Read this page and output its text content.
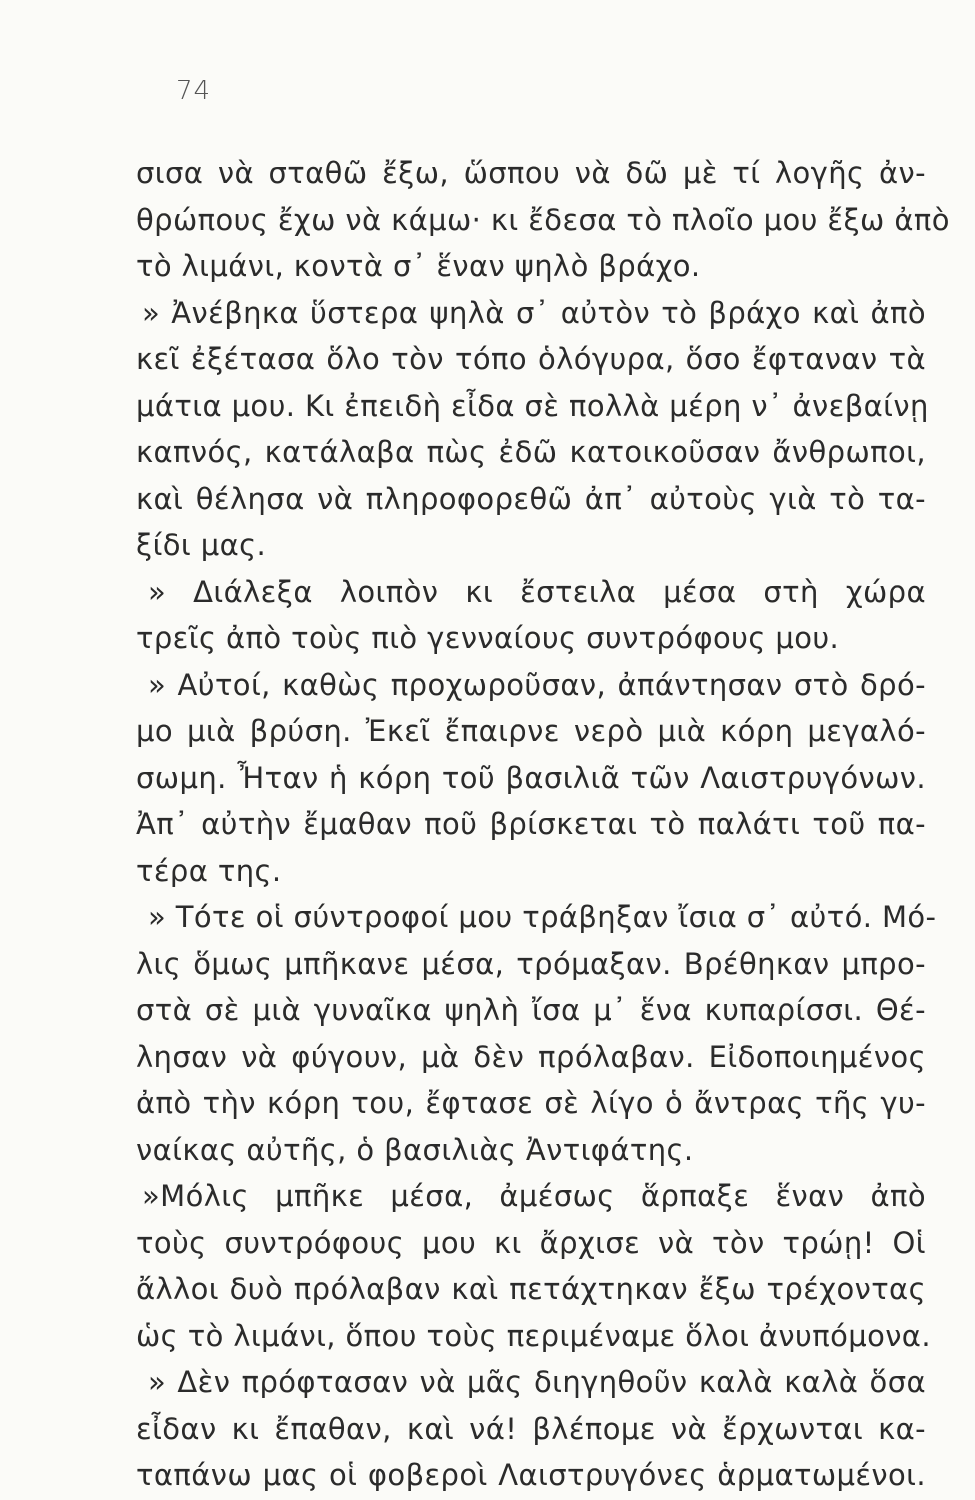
74
σισα νὰ σταθῶ ἔξω, ὥσπου νὰ δῶ μὲ τί λογῆς ἀν-
θρώπους ἔχω νὰ κάμω· κι ἔδεσα τὸ πλοῖο μου ἔξω ἀπὸ
τὸ λιμάνι, κοντὰ σ᾽ ἕναν ψηλὸ βράχο.
» Ἀνέβηκα ὕστερα ψηλὰ σ᾽ αὐτὸν τὸ βράχο καὶ ἀπὸ
κεῖ ἐξέτασα ὅλο τὸν τόπο ὁλόγυρα, ὅσο ἔφταναν τὰ
μάτια μου. Κι ἐπειδὴ εἶδα σὲ πολλὰ μέρη ν᾽ ἀνεβαίνῃ
καπνός, κατάλαβα πὼς ἐδῶ κατοικοῦσαν ἄνθρωποι,
καὶ θέλησα νὰ πληροφορεθῶ ἀπ᾽ αὐτοὺς γιὰ τὸ τα-
ξίδι μας.
» Διάλεξα λοιπὸν κι ἔστειλα μέσα στὴ χώρα
τρεῖς ἀπὸ τοὺς πιὸ γενναίους συντρόφους μου.
» Αὐτοί, καθὼς προχωροῦσαν, ἀπάντησαν στὸ δρό-
μο μιὰ βρύση. Ἐκεῖ ἔπαιρνε νερὸ μιὰ κόρη μεγαλό-
σωμη. Ἦταν ἡ κόρη τοῦ βασιλιᾶ τῶν Λαιστρυγόνων.
Ἀπ᾽ αὐτὴν ἔμαθαν ποῦ βρίσκεται τὸ παλάτι τοῦ πα-
τέρα της.
» Τότε οἱ σύντροφοί μου τράβηξαν ἴσια σ᾽ αὐτό. Μό-
λις ὅμως μπῆκανε μέσα, τρόμαξαν. Βρέθηκαν μπρο-
στὰ σὲ μιὰ γυναῖκα ψηλὴ ἴσα μ᾽ ἕνα κυπαρίσσι. Θέ-
λησαν νὰ φύγουν, μὰ δὲν πρόλαβαν. Εἰδοποιημένος
ἀπὸ τὴν κόρη του, ἔφτασε σὲ λίγο ὁ ἄντρας τῆς γυ-
ναίκας αὐτῆς, ὁ βασιλιὰς Ἀντιφάτης.
»Μόλις μπῆκε μέσα, ἀμέσως ἅρπαξε ἕναν ἀπὸ
τοὺς συντρόφους μου κι ἄρχισε νὰ τὸν τρώῃ! Οἱ
ἄλλοι δυὸ πρόλαβαν καὶ πετάχτηκαν ἔξω τρέχοντας
ὡς τὸ λιμάνι, ὅπου τοὺς περιμέναμε ὅλοι ἀνυπόμονα.
» Δὲν πρόφτασαν νὰ μᾶς διηγηθοῦν καλὰ καλὰ ὅσα
εἶδαν κι ἔπαθαν, καὶ νά! βλέπομε νὰ ἔρχωνται κα-
ταπάνω μας οἱ φοβεροὶ Λαιστρυγόνες ἁρματωμένοι.
